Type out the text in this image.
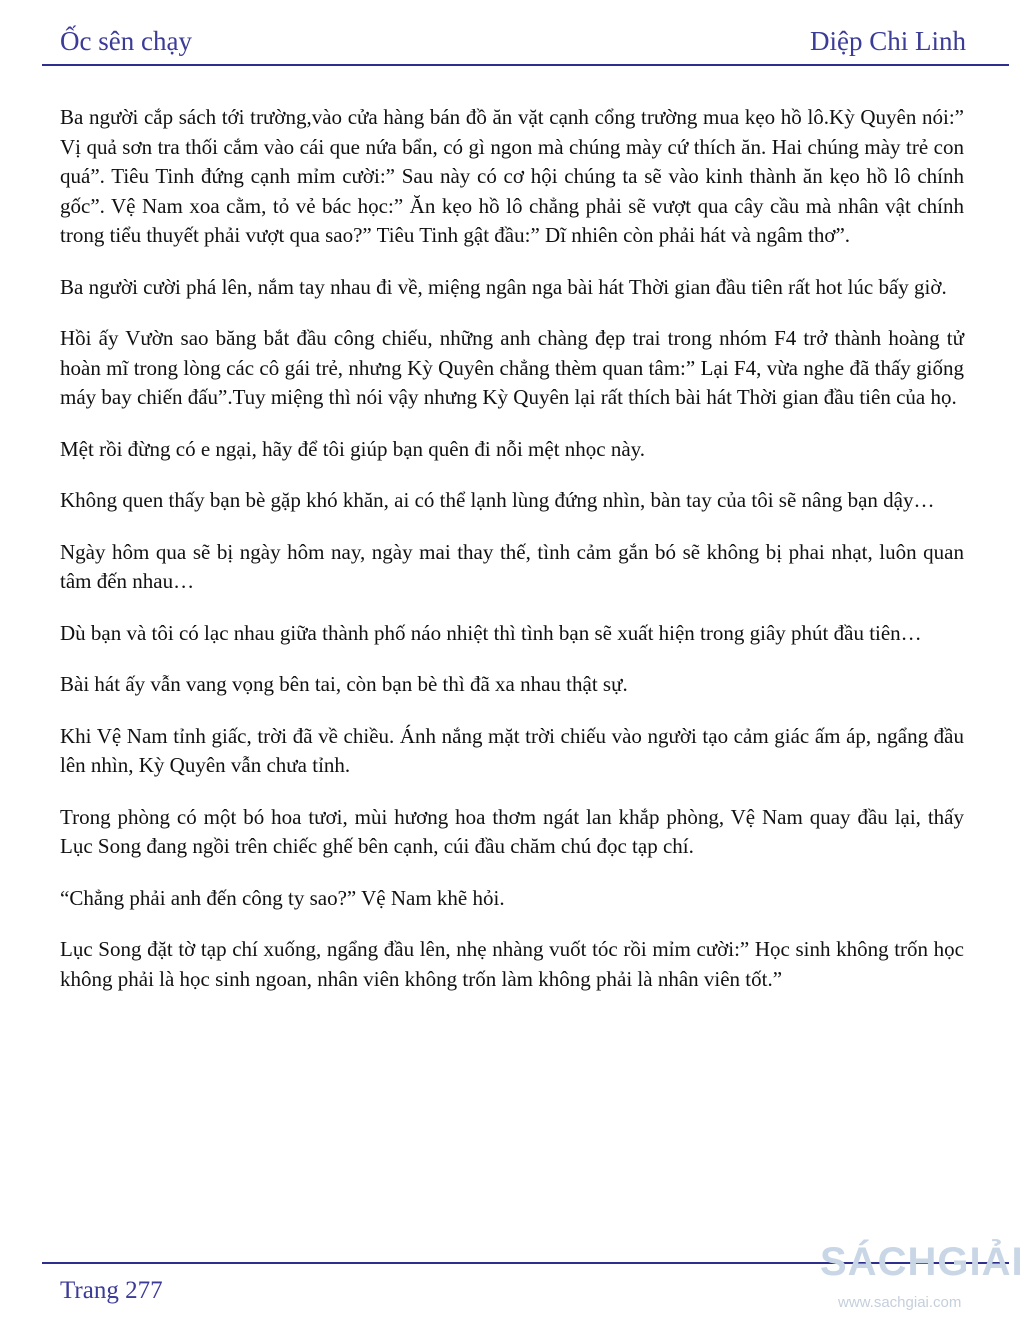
Ốc sên chạy	Diệp Chi Linh

Ba người cắp sách tới trường,vào cửa hàng bán đồ ăn vặt cạnh cổng trường mua kẹo hồ lô.Kỳ Quyên nói:” Vị quả sơn tra thối cắm vào cái que nứa bẩn, có gì ngon mà chúng mày cứ thích ăn. Hai chúng mày trẻ con quá”. Tiêu Tinh đứng cạnh mỉm cười:” Sau này có cơ hội chúng ta sẽ vào kinh thành ăn kẹo hồ lô chính gốc”. Vệ Nam xoa cằm, tỏ vẻ bác học:” Ăn kẹo hồ lô chẳng phải sẽ vượt qua cây cầu mà nhân vật chính trong tiểu thuyết phải vượt qua sao?” Tiêu Tinh gật đầu:” Dĩ nhiên còn phải hát và ngâm thơ”.

Ba người cười phá lên, nắm tay nhau đi về, miệng ngân nga bài hát Thời gian đầu tiên rất hot lúc bấy giờ.

Hồi ấy Vườn sao băng bắt đầu công chiếu, những anh chàng đẹp trai trong nhóm F4 trở thành hoàng tử hoàn mĩ trong lòng các cô gái trẻ, nhưng Kỳ Quyên chẳng thèm quan tâm:” Lại F4, vừa nghe đã thấy giống máy bay chiến đấu”.Tuy miệng thì nói vậy nhưng Kỳ Quyên lại rất thích bài hát Thời gian đầu tiên của họ.

Mệt rồi đừng có e ngại, hãy để tôi giúp bạn quên đi nỗi mệt nhọc này.

Không quen thấy bạn bè gặp khó khăn, ai có thể lạnh lùng đứng nhìn, bàn tay của tôi sẽ nâng bạn dậy…

Ngày hôm qua sẽ bị ngày hôm nay, ngày mai thay thế, tình cảm gắn bó sẽ không bị phai nhạt, luôn quan tâm đến nhau…

Dù bạn và tôi có lạc nhau giữa thành phố náo nhiệt thì tình bạn sẽ xuất hiện trong giây phút đầu tiên…

Bài hát ấy vẫn vang vọng bên tai, còn bạn bè thì đã xa nhau thật sự.

Khi Vệ Nam tỉnh giấc, trời đã về chiều. Ánh nắng mặt trời chiếu vào người tạo cảm giác ấm áp, ngẩng đầu lên nhìn, Kỳ Quyên vẫn chưa tỉnh.

Trong phòng có một bó hoa tươi, mùi hương hoa thơm ngát lan khắp phòng, Vệ Nam quay đầu lại, thấy Lục Song đang ngồi trên chiếc ghế bên cạnh, cúi đầu chăm chú đọc tạp chí.

“Chẳng phải anh đến công ty sao?” Vệ Nam khẽ hỏi.

Lục Song đặt tờ tạp chí xuống, ngẩng đầu lên, nhẹ nhàng vuốt tóc rồi mỉm cười:” Học sinh không trốn học không phải là học sinh ngoan, nhân viên không trốn làm không phải là nhân viên tốt.”

Trang 277
SÁCHGIẢI
www.sachgiai.com
